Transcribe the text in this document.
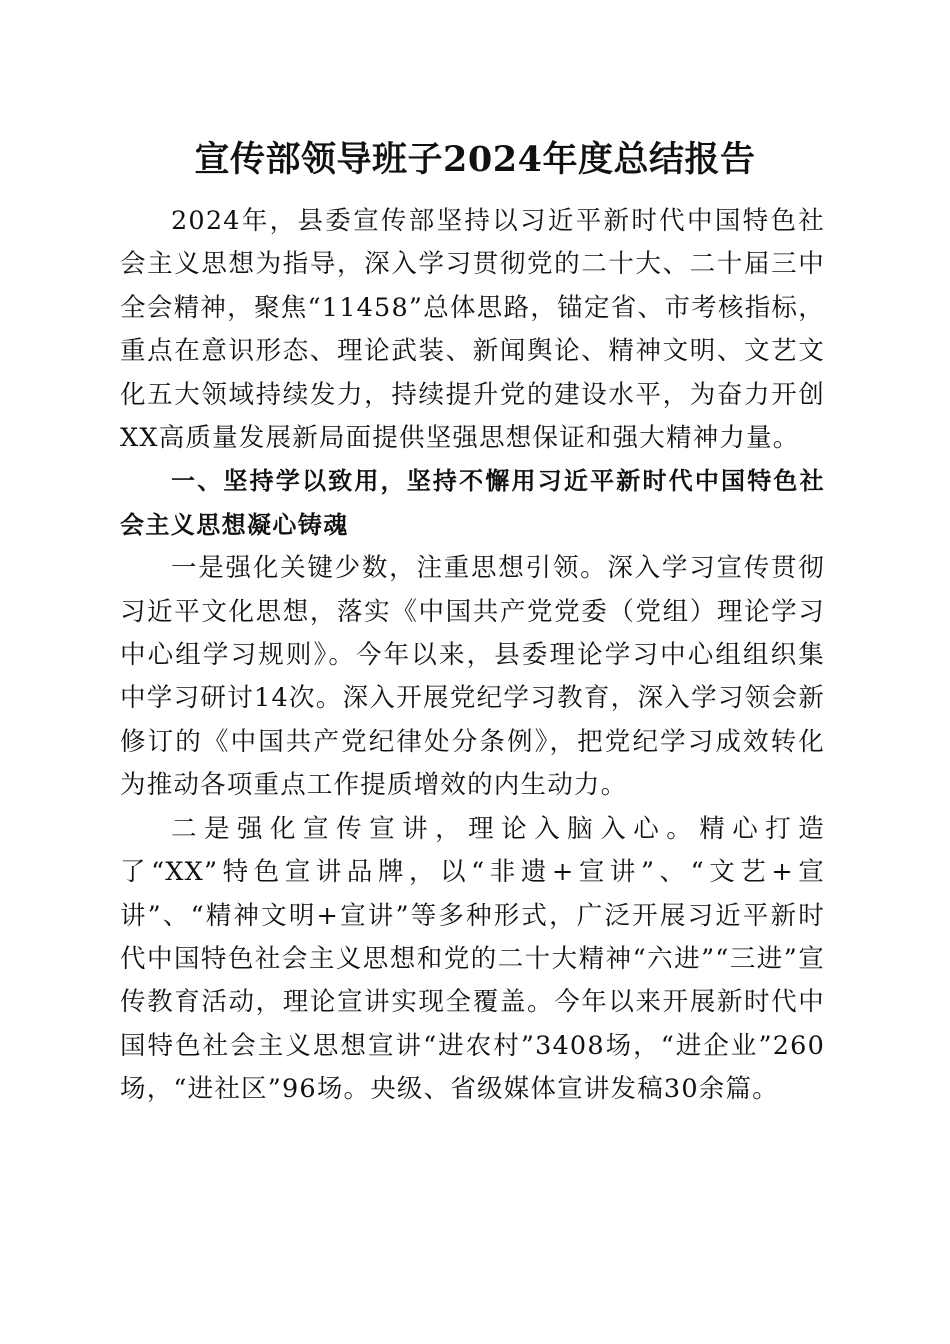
宣传部领导班子2024年度总结报告

2024年，县委宣传部坚持以习近平新时代中国特色社会主义思想为指导，深入学习贯彻党的二十大、二十届三中全会精神，聚焦“11458”总体思路，锚定省、市考核指标，重点在意识形态、理论武装、新闻舆论、精神文明、文艺文化五大领域持续发力，持续提升党的建设水平，为奋力开创XX高质量发展新局面提供坚强思想保证和强大精神力量。

一、坚持学以致用，坚持不懈用习近平新时代中国特色社会主义思想凝心铸魂

一是强化关键少数，注重思想引领。深入学习宣传贯彻习近平文化思想，落实《中国共产党党委（党组）理论学习中心组学习规则》。今年以来，县委理论学习中心组组织集中学习研讨14次。深入开展党纪学习教育，深入学习领会新修订的《中国共产党纪律处分条例》，把党纪学习成效转化为推动各项重点工作提质增效的内生动力。

二是强化宣传宣讲，理论入脑入心。精心打造了“XX”特色宣讲品牌，以“非遗+宣讲”、“文艺+宣讲”、“精神文明+宣讲”等多种形式，广泛开展习近平新时代中国特色社会主义思想和党的二十大精神“六进”“三进”宣传教育活动，理论宣讲实现全覆盖。今年以来开展新时代中国特色社会主义思想宣讲“进农村”3408场，“进企业”260场，“进社区”96场。央级、省级媒体宣讲发稿30余篇。
